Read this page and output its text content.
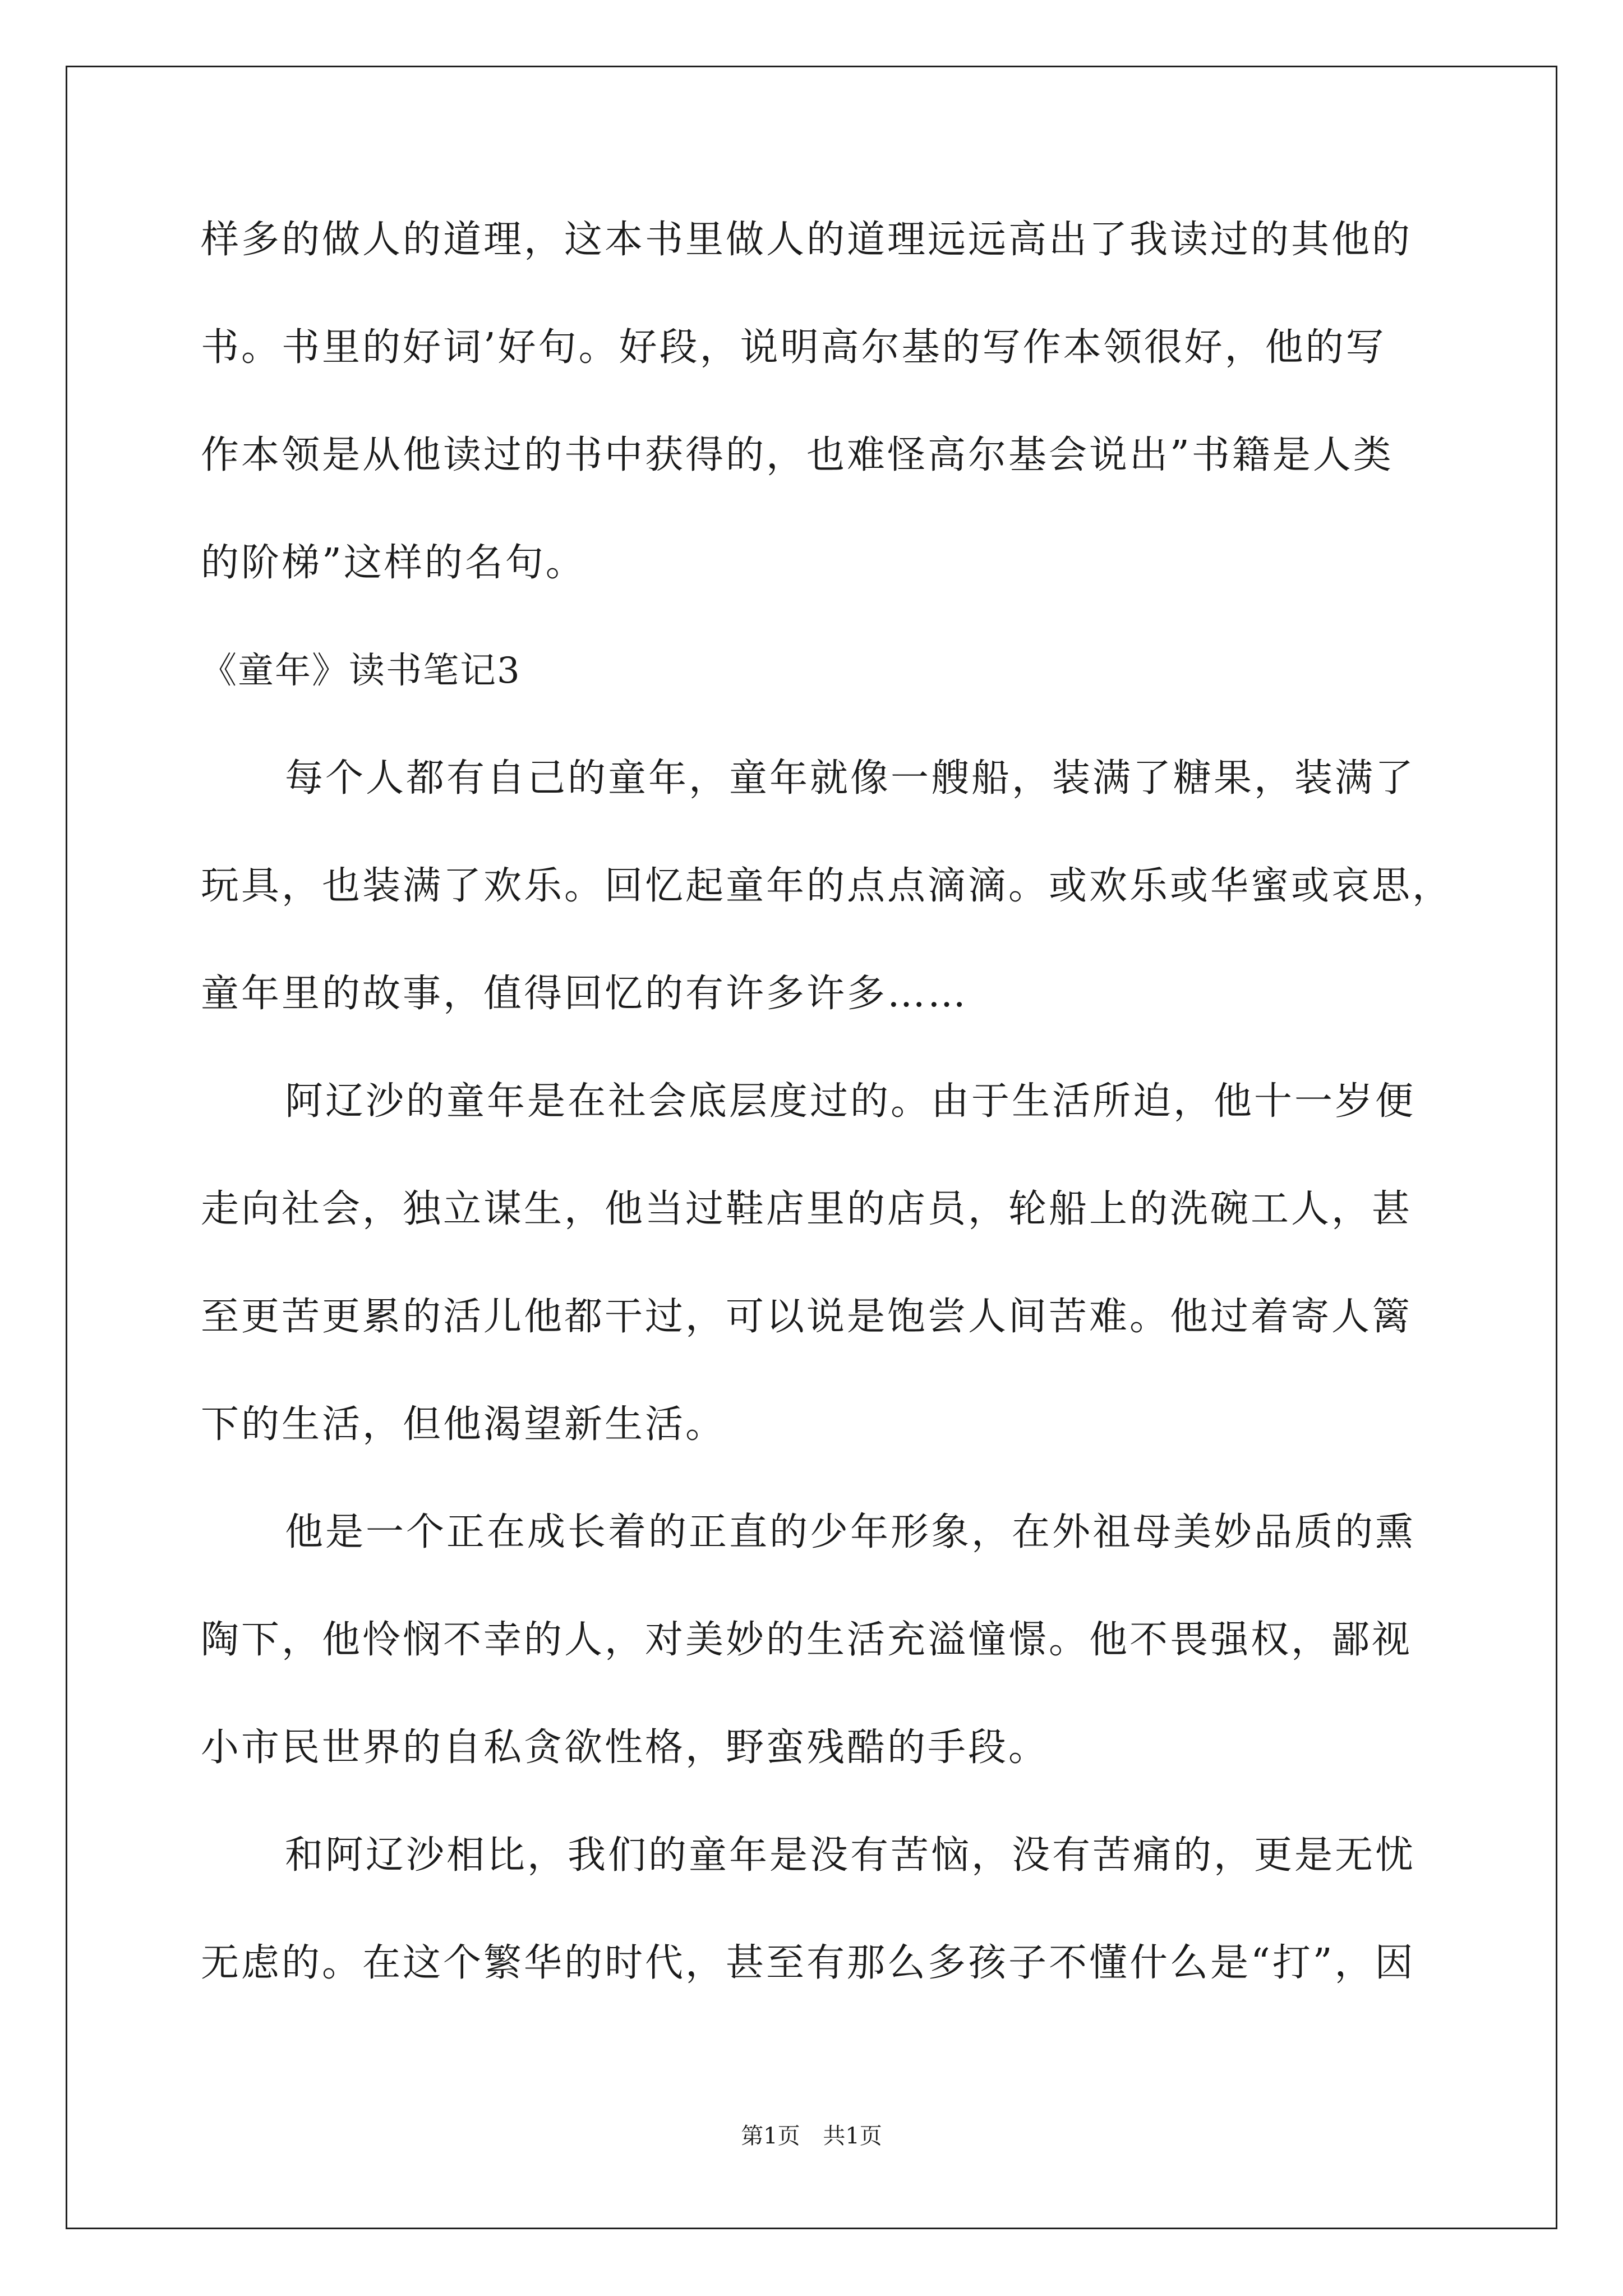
样多的做人的道理，这本书里做人的道理远远高出了我读过的其他的
书。书里的好词’好句。好段，说明高尔基的写作本领很好，他的写
作本领是从他读过的书中获得的，也难怪高尔基会说出”书籍是人类
的阶梯”这样的名句。
《童年》读书笔记3
每个人都有自己的童年，童年就像一艘船，装满了糖果，装满了
玩具，也装满了欢乐。回忆起童年的点点滴滴。或欢乐或华蜜或哀思，
童年里的故事，值得回忆的有许多许多……
阿辽沙的童年是在社会底层度过的。由于生活所迫，他十一岁便
走向社会，独立谋生，他当过鞋店里的店员，轮船上的洗碗工人，甚
至更苦更累的活儿他都干过，可以说是饱尝人间苦难。他过着寄人篱
下的生活，但他渴望新生活。
他是一个正在成长着的正直的少年形象，在外祖母美妙品质的熏
陶下，他怜悯不幸的人，对美妙的生活充溢憧憬。他不畏强权，鄙视
小市民世界的自私贪欲性格，野蛮残酷的手段。
和阿辽沙相比，我们的童年是没有苦恼，没有苦痛的，更是无忧
无虑的。在这个繁华的时代，甚至有那么多孩子不懂什么是“打”，因
第1页 共1页
